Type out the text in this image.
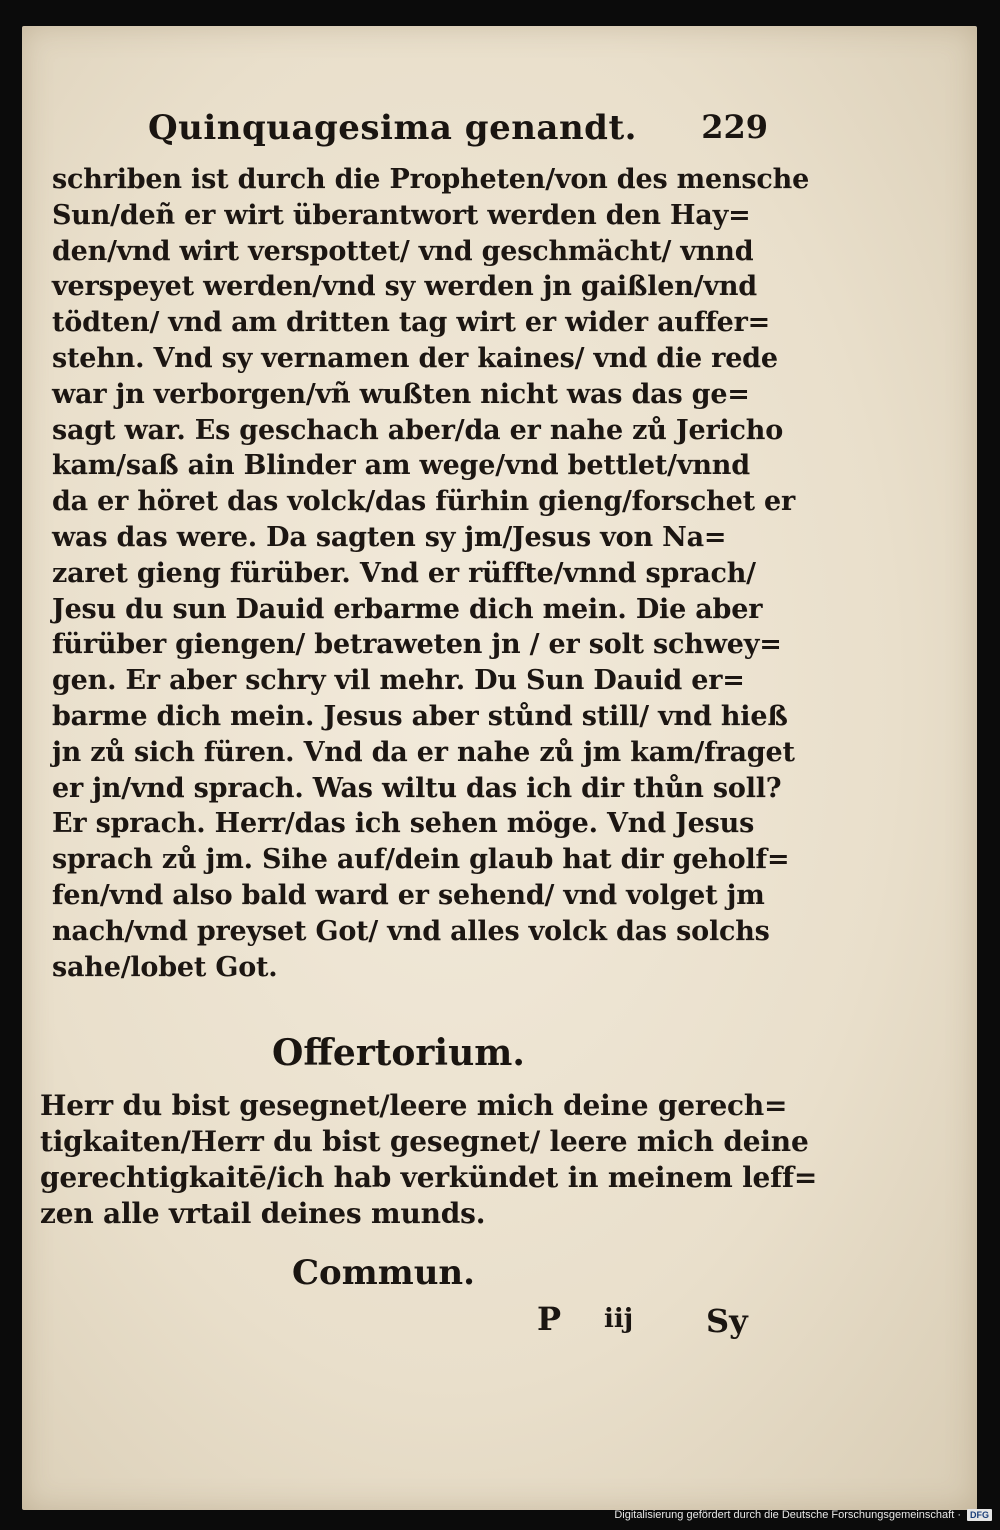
Quinquagesima genandt. 229
schriben ist durch die Propheten/von des mensche
Sun/deñ er wirt überantwort werden den Hay=
den/vnd wirt verspottet/ vnd geschmächt/ vnnd
verspeyet werden/vnd sy werden jn gaißlen/vnd
tödten/ vnd am dritten tag wirt er wider auffer=
stehn. Vnd sy vernamen der kaines/ vnd die rede
war jn verborgen/vñ wußten nicht was das ge=
sagt war. Es geschach aber/da er nahe zů Jericho
kam/saß ain Blinder am wege/vnd bettlet/vnnd
da er höret das volck/das fürhin gieng/forschet er
was das were. Da sagten sy jm/Jesus von Na=
zaret gieng fürüber. Vnd er rüffte/vnnd sprach/
Jesu du sun Dauid erbarme dich mein. Die aber
fürüber giengen/ betraweten jn / er solt schwey=
gen. Er aber schry vil mehr. Du Sun Dauid er=
barme dich mein. Jesus aber stůnd still/ vnd hieß
jn zů sich füren. Vnd da er nahe zů jm kam/fraget
er jn/vnd sprach. Was wiltu das ich dir thůn soll?
Er sprach. Herr/das ich sehen möge. Vnd Jesus
sprach zů jm. Sihe auf/dein glaub hat dir geholf=
fen/vnd also bald ward er sehend/ vnd volget jm
nach/vnd preyset Got/ vnd alles volck das solchs
sahe/lobet Got.
Offertorium.
Herr du bist gesegnet/leere mich deine gerech=
tigkaiten/Herr du bist gesegnet/ leere mich deine
gerechtigkaitē/ich hab verkündet in meinem leff=
zen alle vrtail deines munds.
Commun.
P iij Sy
Digitalisierung gefördert durch die Deutsche Forschungsgemeinschaft ·	DFG
